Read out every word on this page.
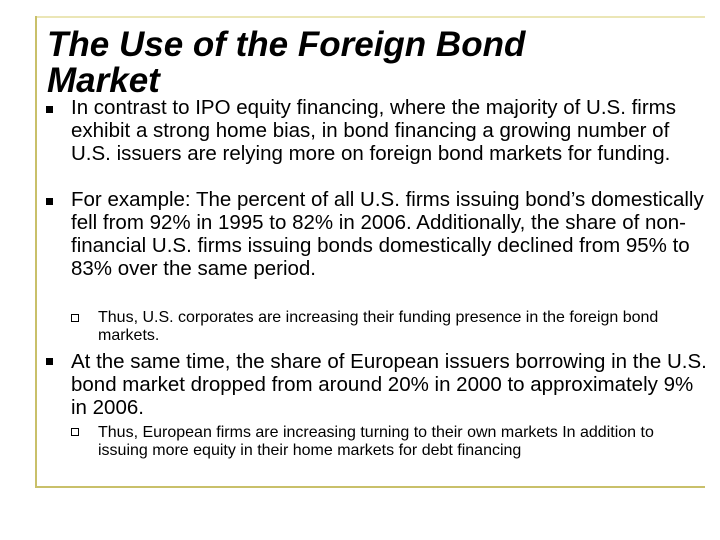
In contrast to IPO equity financing, where the majority of U.S. firms exhibit a strong home bias, in bond financing a growing number of U.S. issuers are relying more on foreign bond markets for funding.
For example: The percent of all U.S. firms issuing bond’s domestically fell from 92% in 1995 to 82% in 2006. Additionally, the share of non-financial U.S. firms issuing bonds domestically declined from 95% to 83% over the same period.
Thus, U.S. corporates are increasing their funding presence in the foreign bond markets.
At the same time, the share of European issuers borrowing in the U.S. bond market dropped from around 20% in 2000 to approximately 9% in 2006.
Thus, European firms are increasing turning to their own markets In addition to issuing more equity in their home markets for debt financing
The Use of the Foreign Bond Market
